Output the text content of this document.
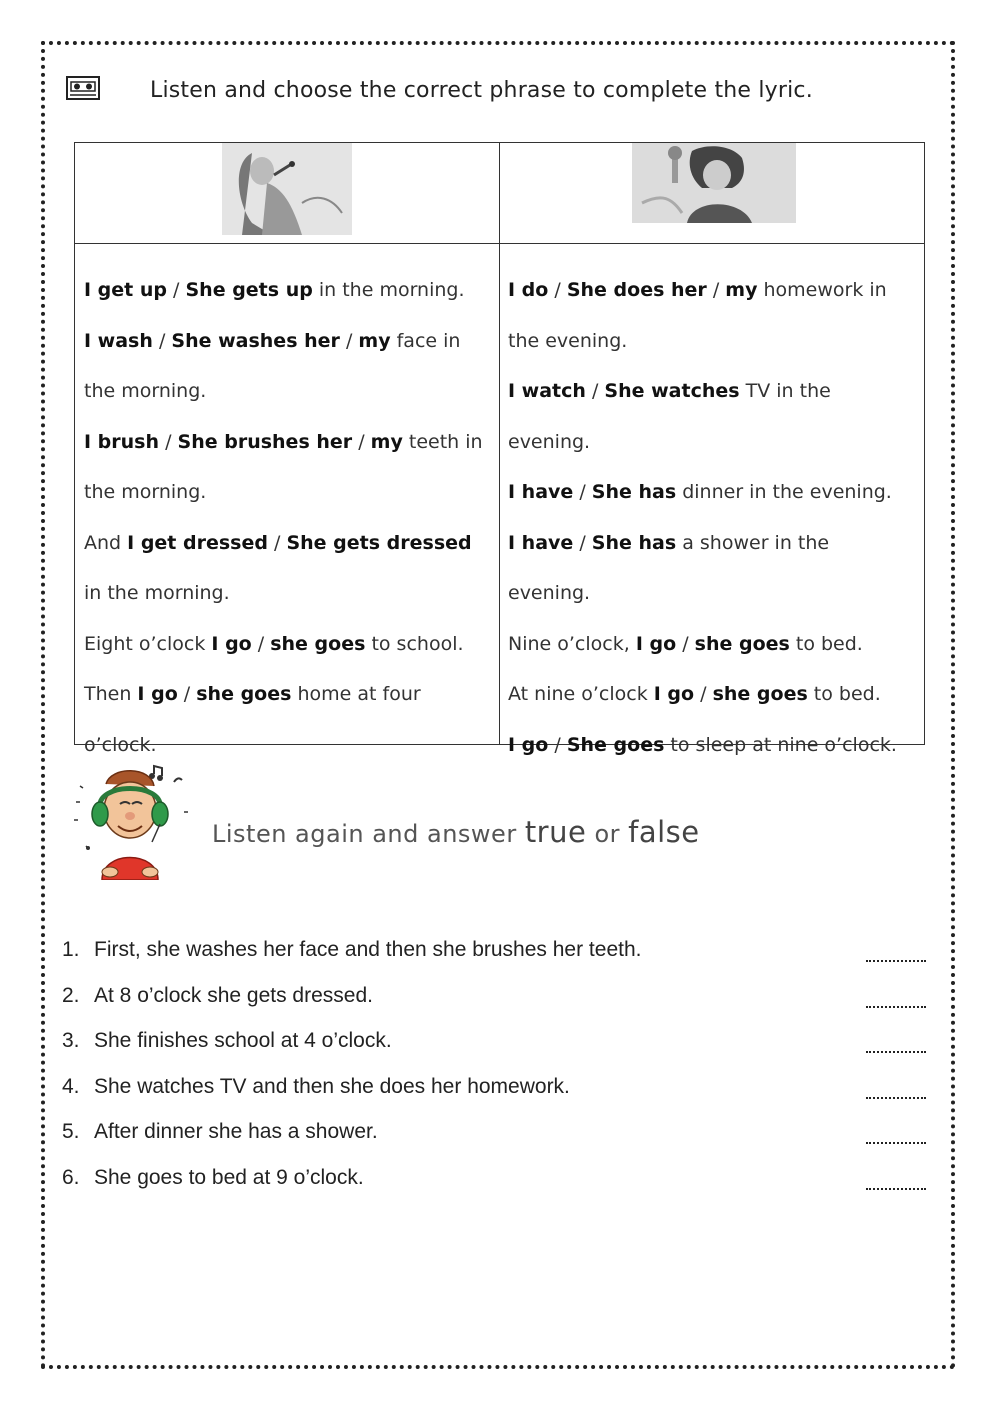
Listen and choose the correct phrase to complete the lyric.

I get up / She gets up in the morning.

I wash / She washes her / my face in the morning.

I brush / She brushes her / my teeth in the morning.

And I get dressed / She gets dressed in the morning.

Eight o’clock I go / she goes to school.

Then I go / she goes home at four o’clock.

I do / She does her / my homework in the evening.

I watch / She watches TV in the evening.

I have / She has dinner in the evening.

I have / She has a shower in the evening.

Nine o’clock, I go / she goes to bed.

At nine o’clock I go / she goes to bed.

I go / She goes to sleep at nine o’clock.

Listen again and answer true or false
1. First, she washes her face and then she brushes her teeth.
2. At 8 o’clock she gets dressed.
3. She finishes school at 4 o’clock.
4. She watches TV and then she does her homework.
5. After dinner she has a shower.
6. She goes to bed at 9 o’clock.
